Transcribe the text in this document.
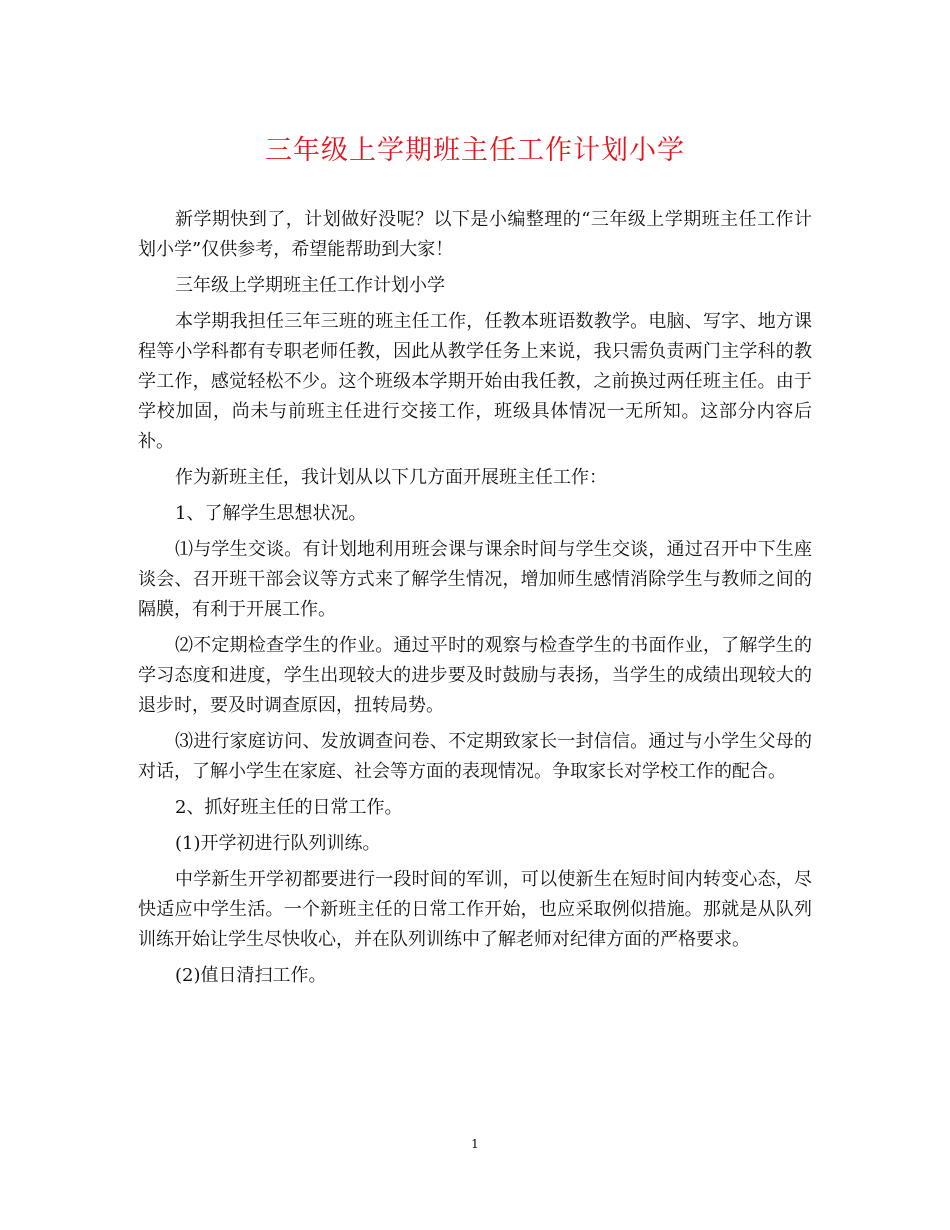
三年级上学期班主任工作计划小学

新学期快到了，计划做好没呢？以下是小编整理的“三年级上学期班主任工作计划小学”仅供参考，希望能帮助到大家！

三年级上学期班主任工作计划小学

本学期我担任三年三班的班主任工作，任教本班语数教学。电脑、写字、地方课程等小学科都有专职老师任教，因此从教学任务上来说，我只需负责两门主学科的教学工作，感觉轻松不少。这个班级本学期开始由我任教，之前换过两任班主任。由于学校加固，尚未与前班主任进行交接工作，班级具体情况一无所知。这部分内容后补。

作为新班主任，我计划从以下几方面开展班主任工作：

1、了解学生思想状况。

⑴与学生交谈。有计划地利用班会课与课余时间与学生交谈，通过召开中下生座谈会、召开班干部会议等方式来了解学生情况，增加师生感情消除学生与教师之间的隔膜，有利于开展工作。

⑵不定期检查学生的作业。通过平时的观察与检查学生的书面作业，了解学生的学习态度和进度，学生出现较大的进步要及时鼓励与表扬，当学生的成绩出现较大的退步时，要及时调查原因，扭转局势。

⑶进行家庭访问、发放调查问卷、不定期致家长一封信信。通过与小学生父母的对话，了解小学生在家庭、社会等方面的表现情况。争取家长对学校工作的配合。

2、抓好班主任的日常工作。

(1)开学初进行队列训练。

中学新生开学初都要进行一段时间的军训，可以使新生在短时间内转变心态，尽快适应中学生活。一个新班主任的日常工作开始，也应采取例似措施。那就是从队列训练开始让学生尽快收心，并在队列训练中了解老师对纪律方面的严格要求。

(2)值日清扫工作。

1
